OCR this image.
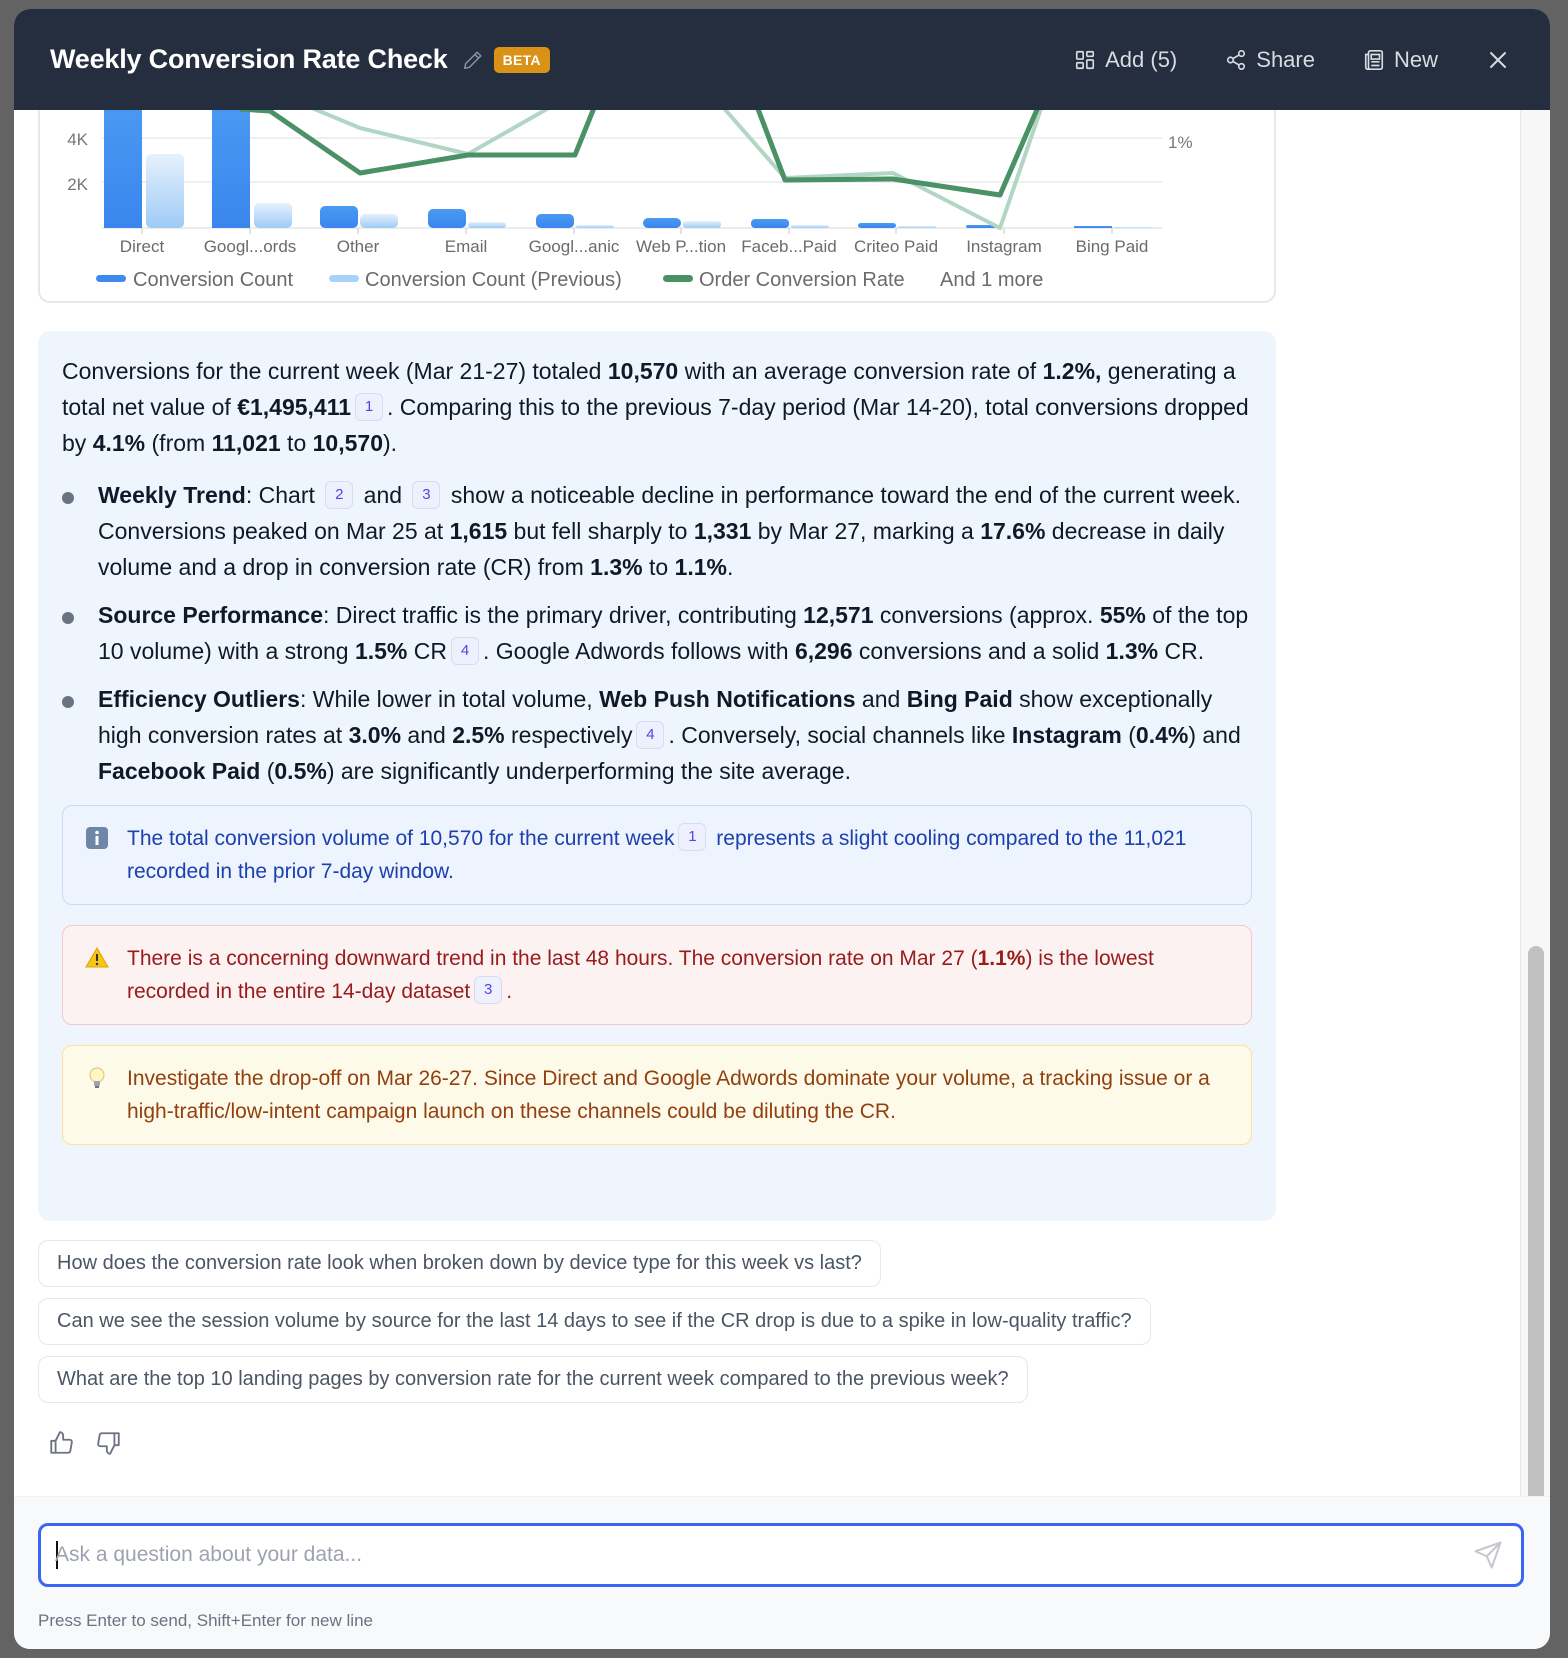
Weekly Conversion Rate Check	BETA	Add (5)	Share	New
4K
2K
1%
Direct Googl...ords Other	Email Googl...anic Web P...tion Faceb...Paid Criteo Paid Instagram Bing Paid
Conversion Count	Conversion Count (Previous)	Order Conversion Rate And 1 more

Conversions for the current week (Mar 21-27) totaled 10,570 with an average conversion rate of 1.2%, generating a total net value of €1,495,411 1 . Comparing this to the previous 7-day period (Mar 14-20), total conversions dropped by 4.1% (from 11,021 to 10,570).

Weekly Trend: Chart 2 and 3 show a noticeable decline in performance toward the end of the current week. Conversions peaked on Mar 25 at 1,615 but fell sharply to 1,331 by Mar 27, marking a 17.6% decrease in daily volume and a drop in conversion rate (CR) from 1.3% to 1.1%.
Source Performance: Direct traffic is the primary driver, contributing 12,571 conversions (approx. 55% of the top 10 volume) with a strong 1.5% CR 4 . Google Adwords follows with 6,296 conversions and a solid 1.3% CR.
Efficiency Outliers: While lower in total volume, Web Push Notifications and Bing Paid show exceptionally high conversion rates at 3.0% and 2.5% respectively 4 . Conversely, social channels like Instagram (0.4%) and Facebook Paid (0.5%) are significantly underperforming the site average.
The total conversion volume of 10,570 for the current week 1 represents a slight cooling compared to the 11,021 recorded in the prior 7-day window.
There is a concerning downward trend in the last 48 hours. The conversion rate on Mar 27 (1.1%) is the lowest recorded in the entire 14-day dataset 3 .
Investigate the drop-off on Mar 26-27. Since Direct and Google Adwords dominate your volume, a tracking issue or a high-traffic/low-intent campaign launch on these channels could be diluting the CR.
How does the conversion rate look when broken down by device type for this week vs last?
Can we see the session volume by source for the last 14 days to see if the CR drop is due to a spike in low-quality traffic?
What are the top 10 landing pages by conversion rate for the current week compared to the previous week?
Ask a question about your data...
Press Enter to send, Shift+Enter for new line
